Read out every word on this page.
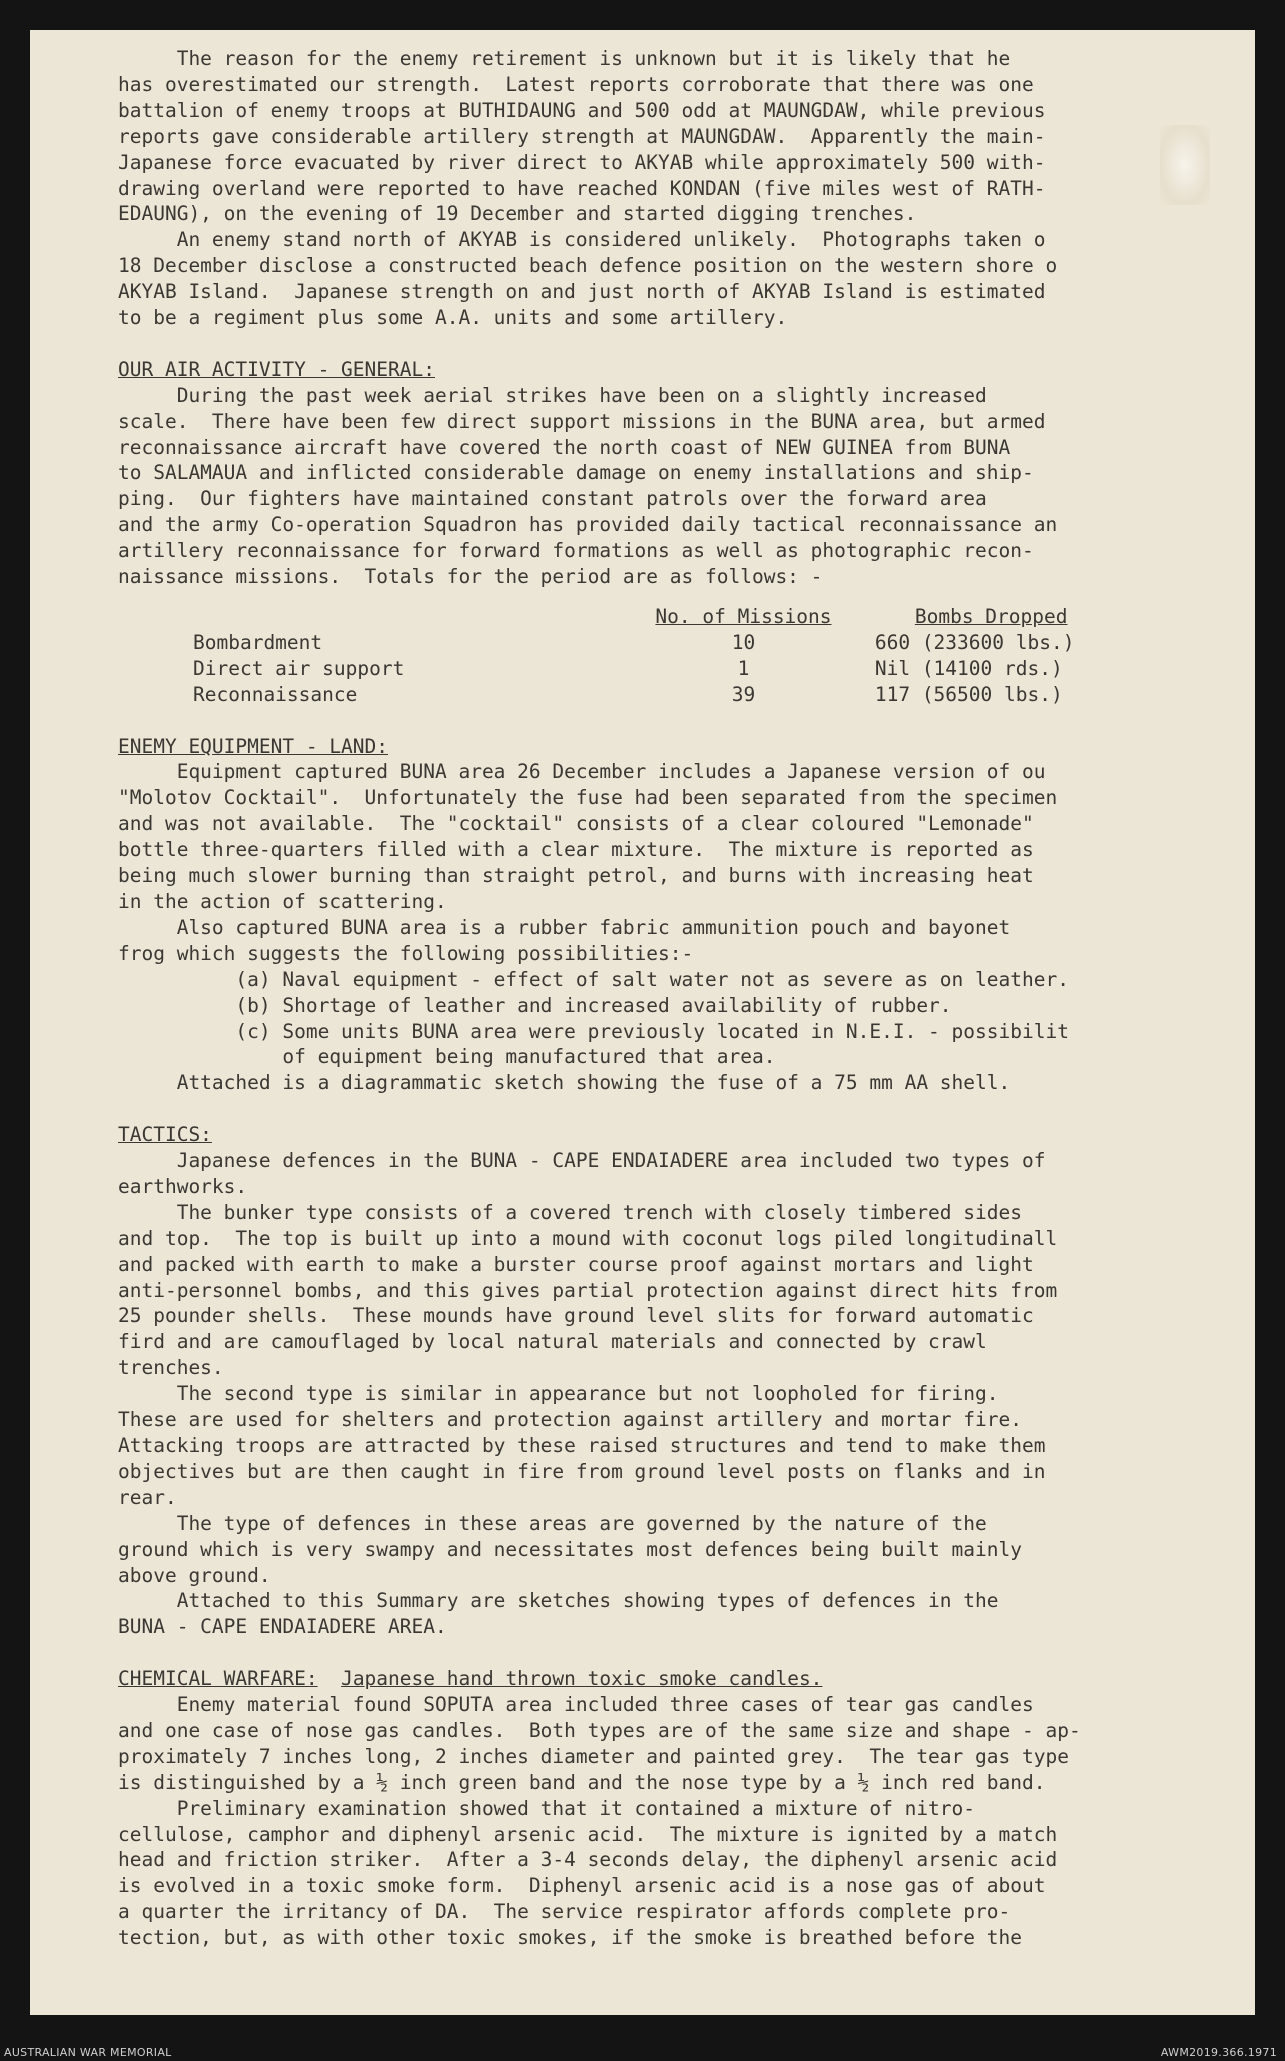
The reason for the enemy retirement is unknown but it is likely that he

has overestimated our strength.  Latest reports corroborate that there was one

battalion of enemy troops at BUTHIDAUNG and 500 odd at MAUNGDAW, while previous

reports gave considerable artillery strength at MAUNGDAW.  Apparently the main-

Japanese force evacuated by river direct to AKYAB while approximately 500 with-

drawing overland were reported to have reached KONDAN (five miles west of RATH-

EDAUNG), on the evening of 19 December and started digging trenches.

An enemy stand north of AKYAB is considered unlikely.  Photographs taken o

18 December disclose a constructed beach defence position on the western shore o

AKYAB Island.  Japanese strength on and just north of AKYAB Island is estimated

to be a regiment plus some A.A. units and some artillery.

OUR AIR ACTIVITY - GENERAL:

During the past week aerial strikes have been on a slightly increased

scale.  There have been few direct support missions in the BUNA area, but armed

reconnaissance aircraft have covered the north coast of NEW GUINEA from BUNA

to SALAMAUA and inflicted considerable damage on enemy installations and ship-

ping.  Our fighters have maintained constant patrols over the forward area

and the army Co-operation Squadron has provided daily tactical reconnaissance an

artillery reconnaissance for forward formations as well as photographic recon-

naissance missions.  Totals for the period are as follows: -

	No. of Missions	Bombs Dropped
Bombardment	10	660 (233600 lbs.)
Direct air support	1	Nil (14100 rds.)
Reconnaissance	39	117 (56500 lbs.)

ENEMY EQUIPMENT - LAND:

Equipment captured BUNA area 26 December includes a Japanese version of ou

"Molotov Cocktail".  Unfortunately the fuse had been separated from the specimen

and was not available.  The "cocktail" consists of a clear coloured "Lemonade"

bottle three-quarters filled with a clear mixture.  The mixture is reported as

being much slower burning than straight petrol, and burns with increasing heat

in the action of scattering.

Also captured BUNA area is a rubber fabric ammunition pouch and bayonet

frog which suggests the following possibilities:-

(a) Naval equipment - effect of salt water not as severe as on leather.

(b) Shortage of leather and increased availability of rubber.

(c) Some units BUNA area were previously located in N.E.I. - possibilit

of equipment being manufactured that area.

Attached is a diagrammatic sketch showing the fuse of a 75 mm AA shell.

TACTICS:

Japanese defences in the BUNA - CAPE ENDAIADERE area included two types of

earthworks.

The bunker type consists of a covered trench with closely timbered sides

and top.  The top is built up into a mound with coconut logs piled longitudinall

and packed with earth to make a burster course proof against mortars and light

anti-personnel bombs, and this gives partial protection against direct hits from

25 pounder shells.  These mounds have ground level slits for forward automatic

fird and are camouflaged by local natural materials and connected by crawl

trenches.

The second type is similar in appearance but not loopholed for firing.

These are used for shelters and protection against artillery and mortar fire.

Attacking troops are attracted by these raised structures and tend to make them

objectives but are then caught in fire from ground level posts on flanks and in

rear.

The type of defences in these areas are governed by the nature of the

ground which is very swampy and necessitates most defences being built mainly

above ground.

Attached to this Summary are sketches showing types of defences in the

BUNA - CAPE ENDAIADERE AREA.

CHEMICAL WARFARE: Japanese hand thrown toxic smoke candles.

Enemy material found SOPUTA area included three cases of tear gas candles

and one case of nose gas candles.  Both types are of the same size and shape - ap-

proximately 7 inches long, 2 inches diameter and painted grey.  The tear gas type

is distinguished by a ½ inch green band and the nose type by a ½ inch red band.

Preliminary examination showed that it contained a mixture of nitro-

cellulose, camphor and diphenyl arsenic acid.  The mixture is ignited by a match

head and friction striker.  After a 3-4 seconds delay, the diphenyl arsenic acid

is evolved in a toxic smoke form.  Diphenyl arsenic acid is a nose gas of about

a quarter the irritancy of DA.  The service respirator affords complete pro-

tection, but, as with other toxic smokes, if the smoke is breathed before the

AUSTRALIAN WAR MEMORIAL	AWM2019.366.1971
